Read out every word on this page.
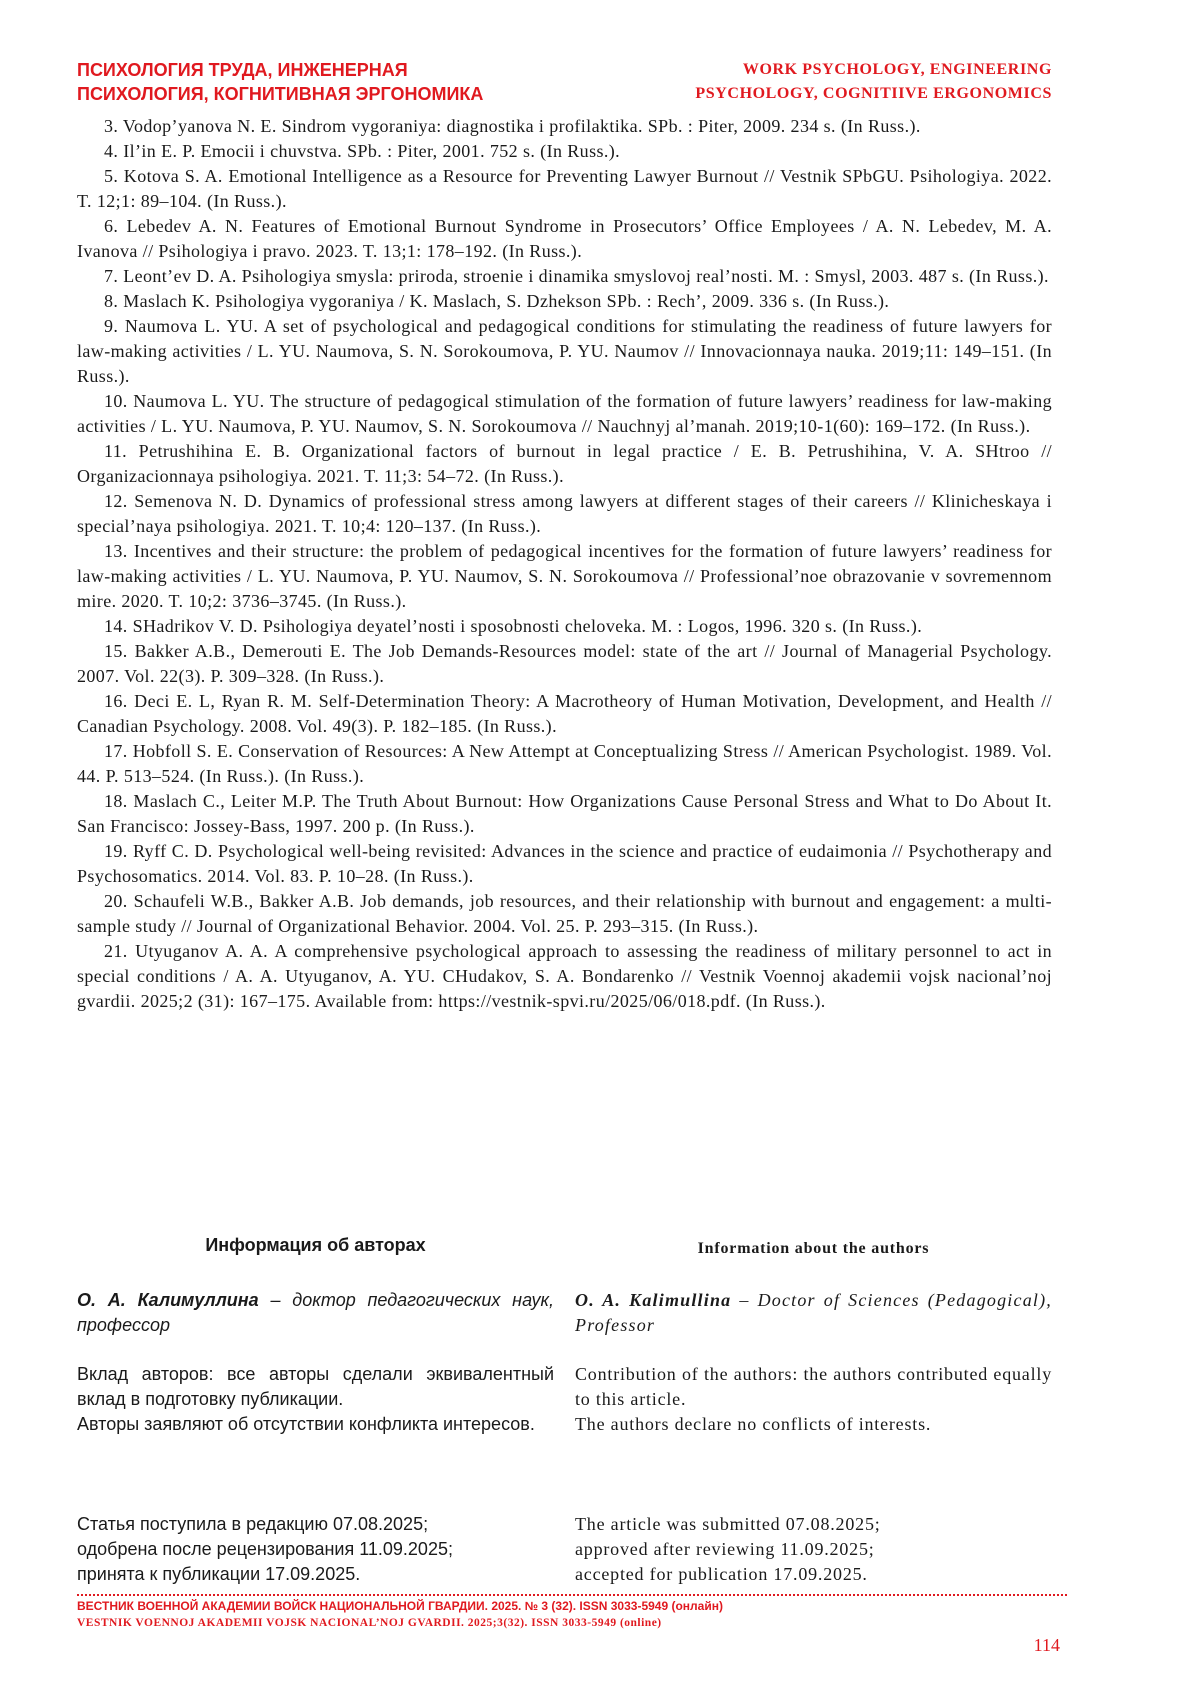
ПСИХОЛОГИЯ ТРУДА, ИНЖЕНЕРНАЯ
ПСИХОЛОГИЯ, КОГНИТИВНАЯ ЭРГОНОМИКА
WORK PSYCHOLOGY, ENGINEERING
PSYCHOLOGY, COGNITIIVE ERGONOMICS

3. Vodop’yanova N. E. Sindrom vygoraniya: diagnostika i profilaktika. SPb. : Piter, 2009. 234 s. (In Russ.).

4. Il’in E. P. Emocii i chuvstva. SPb. : Piter, 2001. 752 s. (In Russ.).

5. Kotova S. A. Emotional Intelligence as a Resource for Preventing Lawyer Burnout // Vestnik SPbGU. Psihologiya. 2022. T. 12;1: 89–104. (In Russ.).

6. Lebedev A. N. Features of Emotional Burnout Syndrome in Prosecutors’ Office Employees / A. N. Lebedev, M. A. Ivanova // Psihologiya i pravo. 2023. T. 13;1: 178–192. (In Russ.).

7. Leont’ev D. A. Psihologiya smysla: priroda, stroenie i dinamika smyslovoj real’nosti. M. : Smysl, 2003. 487 s. (In Russ.).

8. Maslach K. Psihologiya vygoraniya / K. Maslach, S. Dzhekson SPb. : Rech’, 2009. 336 s. (In Russ.).

9. Naumova L. YU. A set of psychological and pedagogical conditions for stimulating the readiness of future lawyers for law-making activities / L. YU. Naumova, S. N. Sorokoumova, P. YU. Naumov // Innovacionnaya nauka. 2019;11: 149–151. (In Russ.).

10. Naumova L. YU. The structure of pedagogical stimulation of the formation of future lawyers’ readiness for law-making activities / L. YU. Naumova, P. YU. Naumov, S. N. Sorokoumova // Nauchnyj al’manah. 2019;10-1(60): 169–172. (In Russ.).

11. Petrushihina E. B. Organizational factors of burnout in legal practice / E. B. Petrushihina, V. A. SHtroo // Organizacionnaya psihologiya. 2021. T. 11;3: 54–72. (In Russ.).

12. Semenova N. D. Dynamics of professional stress among lawyers at different stages of their careers // Klinicheskaya i special’naya psihologiya. 2021. T. 10;4: 120–137. (In Russ.).

13. Incentives and their structure: the problem of pedagogical incentives for the formation of future lawyers’ readiness for law-making activities / L. YU. Naumova, P. YU. Naumov, S. N. Sorokoumova // Professional’noe obrazovanie v sovremennom mire. 2020. T. 10;2: 3736–3745. (In Russ.).

14. SHadrikov V. D. Psihologiya deyatel’nosti i sposobnosti cheloveka. M. : Logos, 1996. 320 s. (In Russ.).

15. Bakker A.B., Demerouti E. The Job Demands-Resources model: state of the art // Journal of Managerial Psychology. 2007. Vol. 22(3). P. 309–328. (In Russ.).

16. Deci E. L, Ryan R. M. Self-Determination Theory: A Macrotheory of Human Motivation, Development, and Health // Canadian Psychology. 2008. Vol. 49(3). P. 182–185. (In Russ.).

17. Hobfoll S. E. Conservation of Resources: A New Attempt at Conceptualizing Stress // American Psychologist. 1989. Vol. 44. P. 513–524. (In Russ.). (In Russ.).

18. Maslach C., Leiter M.P. The Truth About Burnout: How Organizations Cause Personal Stress and What to Do About It. San Francisco: Jossey-Bass, 1997. 200 p. (In Russ.).

19. Ryff C. D. Psychological well-being revisited: Advances in the science and practice of eudaimonia // Psychotherapy and Psychosomatics. 2014. Vol. 83. P. 10–28. (In Russ.).

20. Schaufeli W.B., Bakker A.B. Job demands, job resources, and their relationship with burnout and engagement: a multi-sample study // Journal of Organizational Behavior. 2004. Vol. 25. P. 293–315. (In Russ.).

21. Utyuganov A. A. A comprehensive psychological approach to assessing the readiness of military personnel to act in special conditions / A. A. Utyuganov, A. YU. CHudakov, S. A. Bondarenko // Vestnik Voennoj akademii vojsk nacional’noj gvardii. 2025;2 (31): 167–175. Available from: https://vestnik-spvi.ru/2025/06/018.pdf. (In Russ.).

Информация об авторах
О. А. Калимуллина – доктор педагогических наук, профессор
Вклад авторов: все авторы сделали эквивалентный вклад в подготовку публикации.
Авторы заявляют об отсутствии конфликта интересов.
Статья поступила в редакцию 07.08.2025;
одобрена после рецензирования 11.09.2025;
принята к публикации 17.09.2025.
Information about the authors
O. A. Kalimullina – Doctor of Sciences (Pedagogical), Professor
Contribution of the authors: the authors contributed equally to this article.
The authors declare no conflicts of interests.
The article was submitted 07.08.2025;
approved after reviewing 11.09.2025;
accepted for publication 17.09.2025.
ВЕСТНИК ВОЕННОЙ АКАДЕМИИ ВОЙСК НАЦИОНАЛЬНОЙ ГВАРДИИ. 2025. № 3 (32). ISSN 3033-5949 (онлайн)
VESTNIK VOENNOJ AKADEMII VOJSK NACIONAL’NOJ GVARDII. 2025;3(32). ISSN 3033-5949 (online)
114
